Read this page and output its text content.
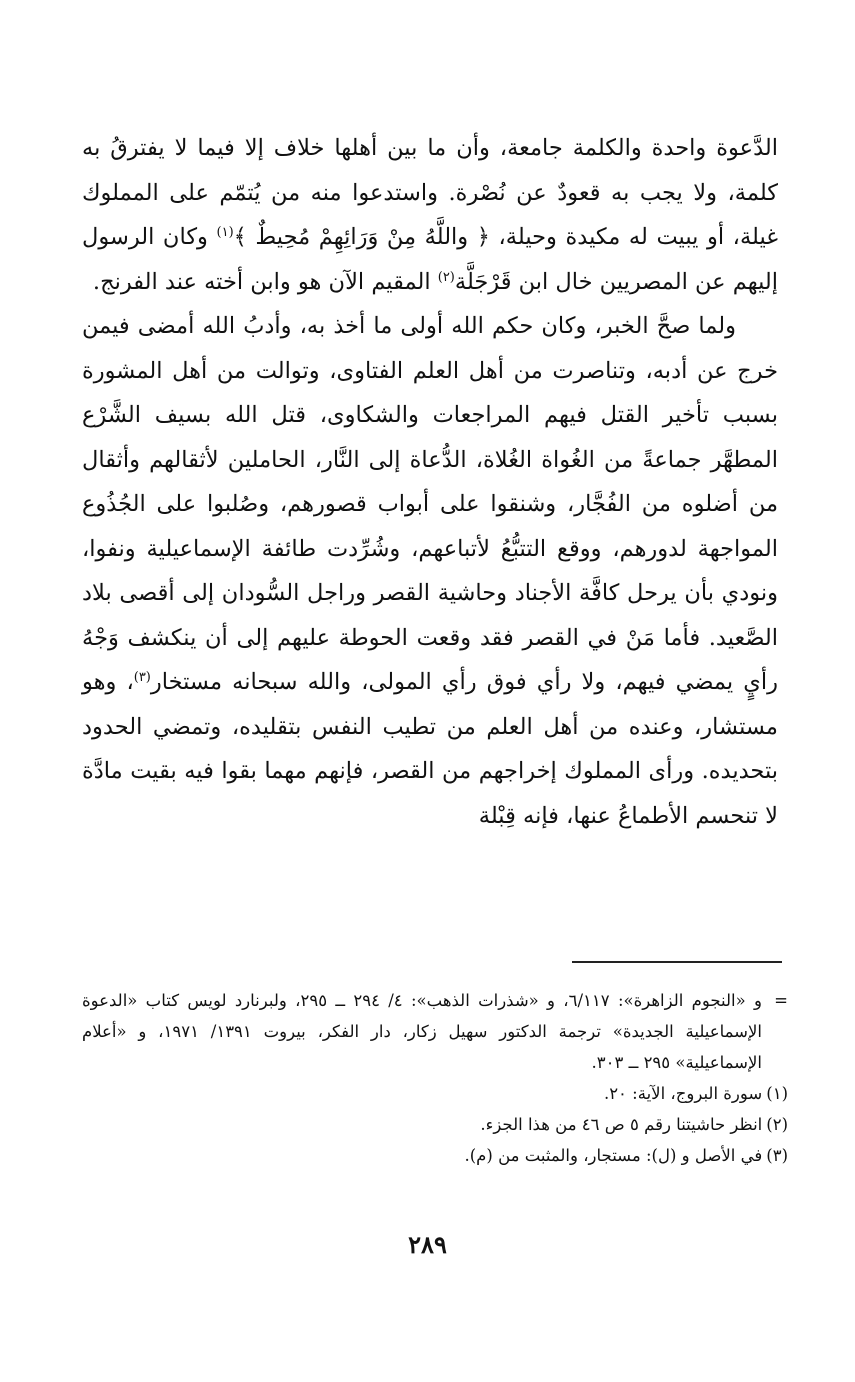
الدَّعوة واحدة والكلمة جامعة، وأن ما بين أهلها خلاف إلا فيما لا يفترقُ به كلمة، ولا يجب به قعودٌ عن نُصْرة. واستدعوا منه من يُتمّم على المملوك غيلة، أو يبيت له مكيدة وحيلة، ﴿ واللَّهُ مِنْ وَرَائِهِمْ مُحِيطٌ ﴾$^{(١)}$ وكان الرسول إليهم عن المصريين خال ابن قَرْجَلَّة$^{(٢)}$ المقيم الآن هو وابن أخته عند الفرنج.

ولما صحَّ الخبر، وكان حكم الله أولى ما أخذ به، وأدبُ الله أمضى فيمن خرج عن أدبه، وتناصرت من أهل العلم الفتاوى، وتوالت من أهل المشورة بسبب تأخير القتل فيهم المراجعات والشكاوى، قتل الله بسيف الشَّرْع المطهَّر جماعةً من الغُواة الغُلاة، الدُّعاة إلى النَّار، الحاملين لأثقالهم وأثقال من أضلوه من الفُجَّار، وشنقوا على أبواب قصورهم، وصُلبوا على الجُذُوع المواجهة لدورهم، ووقع التتبُّعُ لأتباعهم، وشُرِّدت طائفة الإسماعيلية ونفوا، ونودي بأن يرحل كافَّة الأجناد وحاشية القصر وراجل السُّودان إلى أقصى بلاد الصَّعيد. فأما مَنْ في القصر فقد وقعت الحوطة عليهم إلى أن ينكشف وَجْهُ رأيٍ يمضي فيهم، ولا رأي فوق رأي المولى، والله سبحانه مستخار$^{(٣)}$، وهو مستشار، وعنده من أهل العلم من تطيب النفس بتقليده، وتمضي الحدود بتحديده. ورأى المملوك إخراجهم من القصر، فإنهم مهما بقوا فيه بقيت مادَّة لا تنحسم الأطماعُ عنها، فإنه قِبْلة

=
و «النجوم الزاهرة»: ٦/١١٧، و «شذرات الذهب»: ٤/ ٢٩٤ ــ ٢٩٥، ولبرنارد لويس كتاب «الدعوة الإسماعيلية الجديدة» ترجمة الدكتور سهيل زكار، دار الفكر، بيروت ١٣٩١/ ١٩٧١، و «أعلام الإسماعيلية» ٢٩٥ ــ ٣٠٣.

(١)سورة البروج، الآية: ٢٠.

(٢)انظر حاشيتنا رقم ٥ ص ٤٦ من هذا الجزء.

(٣)في الأصل و (ل): مستجار، والمثبت من (م).

٢٨٩
